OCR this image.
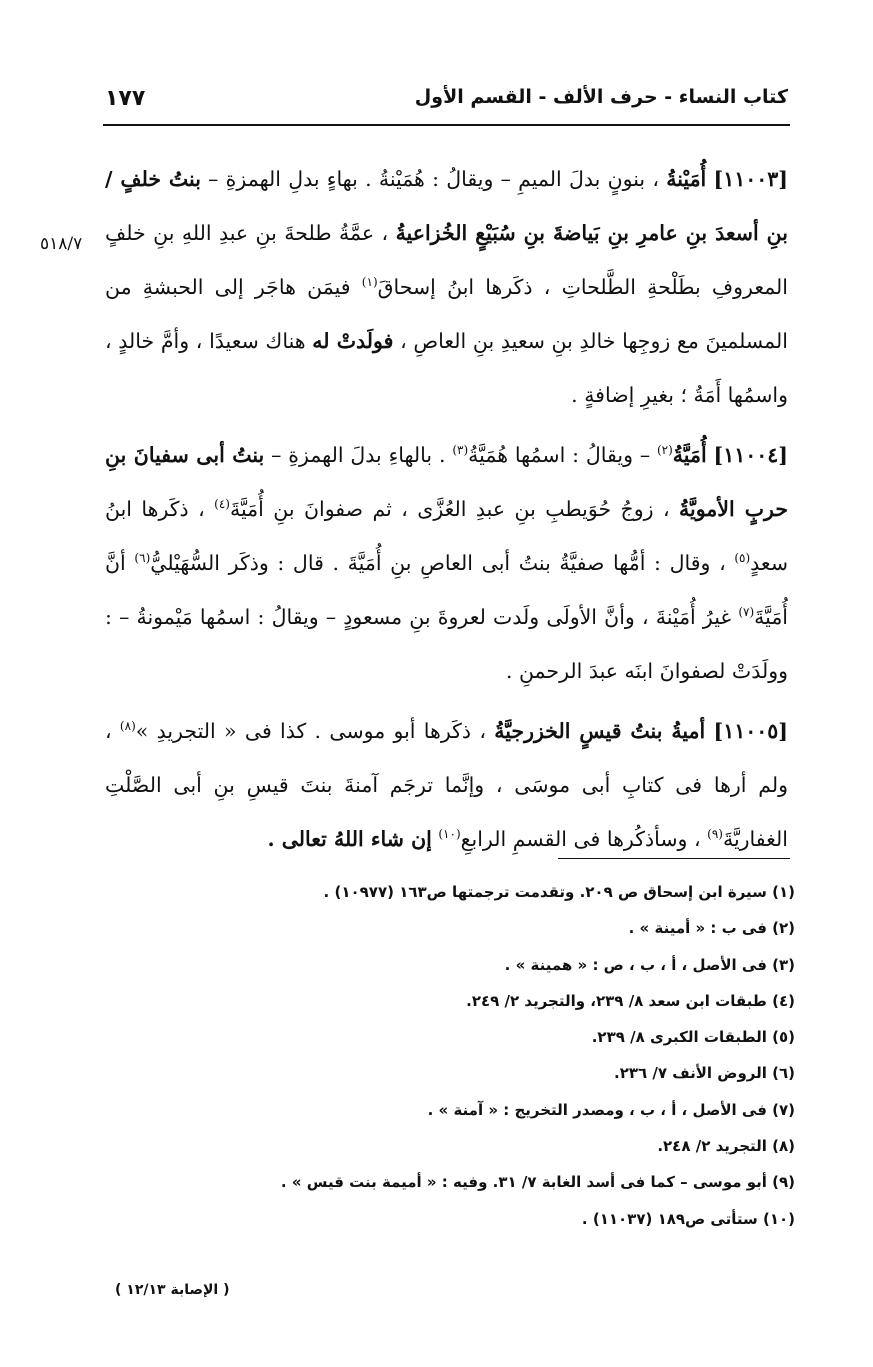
كتاب النساء - حرف الألف - القسم الأول
١٧٧
٥١٨/٧

[١١٠٠٣] أُمَيْنةُ ، بنونٍ بدلَ الميمِ – ويقالُ : هُمَيْنةُ . بهاءٍ بدلِ الهمزةِ – بنتُ خلفٍ / بنِ أسعدَ بنِ عامرِ بنِ بَياضةَ بنِ سُبَيْعٍ الخُزاعيةُ ، عمَّةُ طلحةَ بنِ عبدِ اللهِ بنِ خلفٍ المعروفِ بطَلْحةِ الطَّلحاتِ ، ذكَرها ابنُ إسحاقَ$^{(١)}$ فيمَن هاجَر إلى الحبشةِ من المسلمينَ مع زوجِها خالدِ بنِ سعيدِ بنِ العاصِ ، فولَدتْ له هناك سعيدًا ، وأمَّ خالدٍ ، واسمُها أَمَةُ ؛ بغيرِ إضافةٍ .

[١١٠٠٤] أُمَيَّةُ$^{(٢)}$ – ويقالُ : اسمُها هُمَيَّةُ$^{(٣)}$ . بالهاءِ بدلَ الهمزةِ – بنتُ أبى سفيانَ بنِ حربٍ الأمويَّةُ ، زوجُ حُوَيطبِ بنِ عبدِ العُزَّى ، ثم صفوانَ بنِ أُمَيَّةَ$^{(٤)}$ ، ذكَرها ابنُ سعدٍ$^{(٥)}$ ، وقال : أمُّها صفيَّةُ بنتُ أبى العاصِ بنِ أُمَيَّةَ . قال : وذكَر السُّهَيْليُّ$^{(٦)}$ أنَّ أُمَيَّةَ$^{(٧)}$ غيرُ أُمَيْنةَ ، وأنَّ الأولَى ولَدت لعروةَ بنِ مسعودٍ – ويقالُ : اسمُها مَيْمونةُ – : وولَدَتْ لصفوانَ ابنَه عبدَ الرحمنِ .

[١١٠٠٥] أميةُ بنتُ قيسٍ الخزرجيَّةُ ، ذكَرها أبو موسى . كذا فى « التجريدِ »$^{(٨)}$ ، ولم أرها فى كتابِ أبى موسَى ، وإنَّما ترجَم آمنةَ بنتَ قيسِ بنِ أبى الصَّلْتِ الغفاريَّةَ$^{(٩)}$ ، وسأذكُرها فى القسمِ الرابعِ$^{(١٠)}$ إن شاء اللهُ تعالى .

(١) سيرة ابن إسحاق ص ٢٠٩. وتقدمت ترجمتها ص١٦٣ (١٠٩٧٧) .
(٢) فى ب : « أمينة » .
(٣) فى الأصل ، أ ، ب ، ص : « همينة » .
(٤) طبقات ابن سعد ٨/ ٢٣٩، والتجريد ٢/ ٢٤٩.
(٥) الطبقات الكبرى ٨/ ٢٣٩.
(٦) الروض الأنف ٧/ ٢٣٦.
(٧) فى الأصل ، أ ، ب ، ومصدر التخريج : « آمنة » .
(٨) التجريد ٢/ ٢٤٨.
(٩) أبو موسى – كما فى أسد الغابة ٧/ ٣١. وفيه : « أميمة بنت قيس » .
(١٠) ستأتى ص١٨٩ (١١٠٣٧) .
( الإصابة ١٢/١٣ )
